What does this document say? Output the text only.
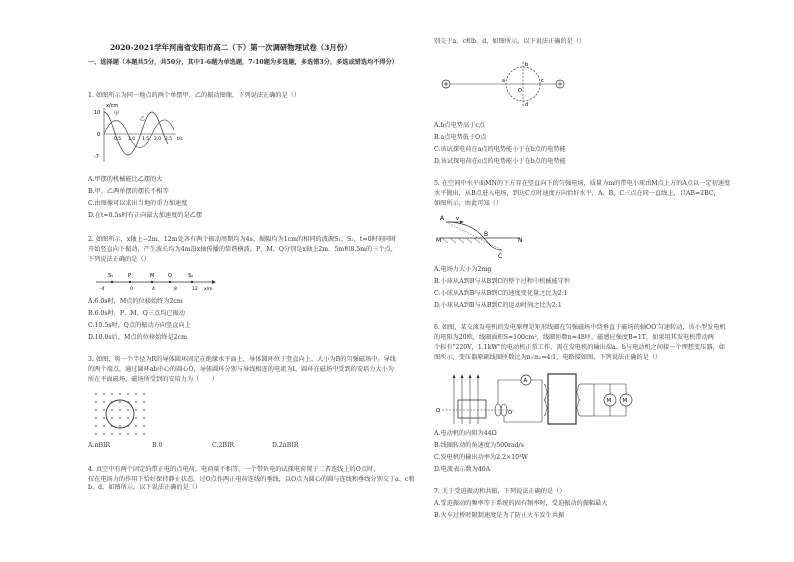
2020-2021学年河南省安阳市高二（下）第一次调研物理试卷（3月份）
一、选择题（本题共5分，共50分，其中1-6题为单选题，7-10题为多选题，多选错3分，多选或错选均不得分）
1. 如图所示为同一地点的两个单摆甲、乙的振动图像，下列说法正确的是（）
x/cm
10
0
-7
0.5 1.0 1.5 2.0 2.5 t/s
甲
乙
A.甲摆的机械能比乙摆的大
B.甲、乙两单摆的摆长不相等
C.由图像可以求出当地的重力加速度
D.在t=0.5s时有正向最大加速度的是乙摆
2. 如图所示，x轴上−2m、12m处各有两个振动周期均为4s、振幅均为1cm的相同的波源S₁、S₂，t=0时刻同时
开始竖直向下振动，产生波长均为4m沿x轴传播的简谐横波。P、M、Q分别是x轴上2m、5m和8.5m的三个点，
下列说法正确的是（）
S₁	P	M	Q	S₂
-4	0	4	8	12 x/m
A.6.0s时，M点的位移始终为2cm
B.6.0s时，P、M、Q三点均已振动
C.10.5s时，Q点的振动方向竖直向上
D.10.0s后，M点的位移始终是2cm
3. 如图，将一个半径为R的导体圆环固定在绝缘水平面上，导体圆环位于竖直向上、大小为B的匀强磁场中。导线
的两个端点，通过圆环ab中心的圆心O，导体圆环分别与导线相连的电流为I，圆环在磁场中受到的安培力大小为
所在平面磁场，磁场所受到的安培力为（　　）
A.πBIR	B.0	C.2BIR	D.2πBIR
4. 真空中有两个固定的带正电的点电荷，电荷量不相等。一个带负电的试探电荷置于二者连线上的O点时，
仅在电场力的作用下恰好保持静止状态。过O点作两正电荷连线的垂线，以O点为圆心的圆与连线和垂线分别交于a、c和b、d，如图所示。以下说法正确的是（）
别交于a、c和b、d，如图所示。以下说法正确的是（）
a
b
c
d
O
A.b点电势高于c点
B.a点电势低于O点
C.该试探电荷在a点的电势能小于在b点的电势能
D.该试探电荷在c点的电势能小于在b点的电势能
5. 在空间中水平面MN的下方存在竖直向下的匀强电场，质量为m的带电小球由M点上方的A点以一定初速度
水平抛出，从B点进入电场，到达C点时速度方向恰好水平，A、B、C三点在同一直线上，且AB=2BC，
如图所示，由此可知（）
A v
M
B
C
N
A.电场力大小为2mg
B.小球从A到B与从B到C的整个过程中机械能守恒
C.小球从A到B与从B到C的速度变化量之比为2:1
D.小球从A到B与从B到C的运动时间之比为2:1
6. 如图，某交流发电机的发电原理是矩形线圈在匀强磁场中绕垂直于磁场的轴OO′匀速转动，该小型发电机
的电阻为20欧，线圈面积S=100cm²，线圈匝数n=48匝，磁感应强度B=1T，如果用其发电机带动两
个标有"220V，1.1kW"的电动机正常工作，需在发电机的输出端a、b与电动机之间接一个理想变压器，如
图所示，变压器原副线圈匝数比为n₁∶n₂=4∶1，电路接如图，下列说法正确的是（）
A
M M
O	O′
A.电动机的内阻为44Ω
B.线圈转动的角速度为500rad/s
C.发电机的输出功率为2.2×10³W
D.电流表示数为40A
7. 关于受迫振动和共振，下列说法正确的是（）
A.受迫振动的频率等于系统的固有频率时，受迫振动的振幅最大
B.火车过桥时限制速度是为了防止火车发生共振
